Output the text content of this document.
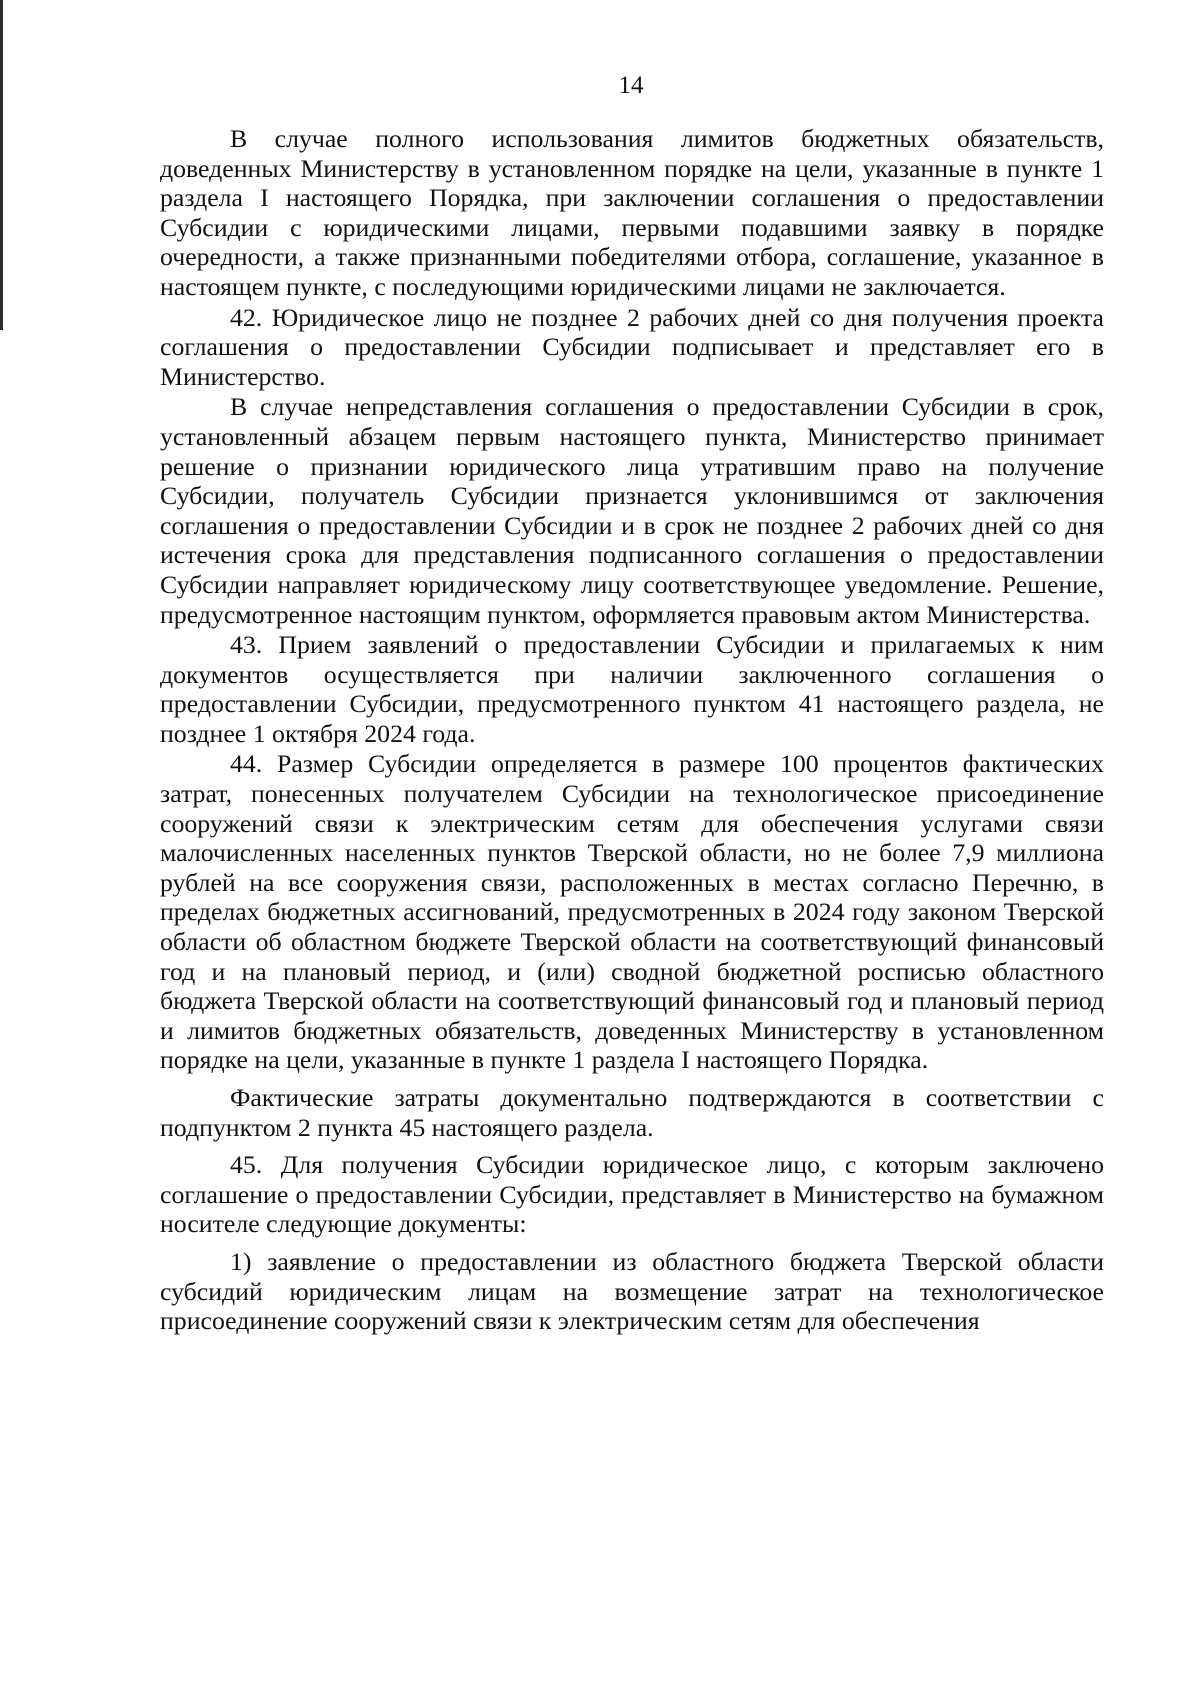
14

В случае полного использования лимитов бюджетных обязательств, доведенных Министерству в установленном порядке на цели, указанные в пункте 1 раздела I настоящего Порядка, при заключении соглашения о предоставлении Субсидии с юридическими лицами, первыми подавшими заявку в порядке очередности, а также признанными победителями отбора, соглашение, указанное в настоящем пункте, с последующими юридическими лицами не заключается.

42. Юридическое лицо не позднее 2 рабочих дней со дня получения проекта соглашения о предоставлении Субсидии подписывает и представляет его в Министерство.

В случае непредставления соглашения о предоставлении Субсидии в срок, установленный абзацем первым настоящего пункта, Министерство принимает решение о признании юридического лица утратившим право на получение Субсидии, получатель Субсидии признается уклонившимся от заключения соглашения о предоставлении Субсидии и в срок не позднее 2 рабочих дней со дня истечения срока для представления подписанного соглашения о предоставлении Субсидии направляет юридическому лицу соответствующее уведомление. Решение, предусмотренное настоящим пунктом, оформляется правовым актом Министерства.

43. Прием заявлений о предоставлении Субсидии и прилагаемых к ним документов осуществляется при наличии заключенного соглашения о предоставлении Субсидии, предусмотренного пунктом 41 настоящего раздела, не позднее 1 октября 2024 года.

44. Размер Субсидии определяется в размере 100 процентов фактических затрат, понесенных получателем Субсидии на технологическое присоединение сооружений связи к электрическим сетям для обеспечения услугами связи малочисленных населенных пунктов Тверской области, но не более 7,9 миллиона рублей на все сооружения связи, расположенных в местах согласно Перечню, в пределах бюджетных ассигнований, предусмотренных в 2024 году законом Тверской области об областном бюджете Тверской области на соответствующий финансовый год и на плановый период, и (или) сводной бюджетной росписью областного бюджета Тверской области на соответствующий финансовый год и плановый период и лимитов бюджетных обязательств, доведенных Министерству в установленном порядке на цели, указанные в пункте 1 раздела I настоящего Порядка.

Фактические затраты документально подтверждаются в соответствии с подпунктом 2 пункта 45 настоящего раздела.

45. Для получения Субсидии юридическое лицо, с которым заключено соглашение о предоставлении Субсидии, представляет в Министерство на бумажном носителе следующие документы:

1) заявление о предоставлении из областного бюджета Тверской области субсидий юридическим лицам на возмещение затрат на технологическое присоединение сооружений связи к электрическим сетям для обеспечения
